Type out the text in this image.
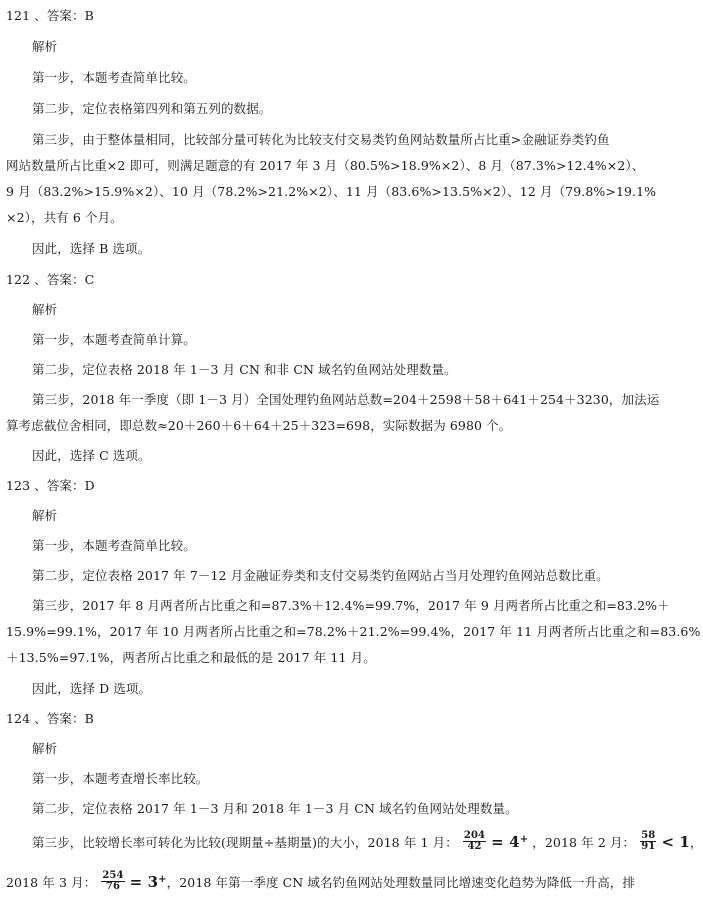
121 、答案：B
解析
第一步，本题考查简单比较。
第二步，定位表格第四列和第五列的数据。
第三步，由于整体量相同，比较部分量可转化为比较支付交易类钓鱼网站数量所占比重>金融证券类钓鱼
网站数量所占比重×2 即可，则满足题意的有 2017 年 3 月（80.5%>18.9%×2）、8 月（87.3%>12.4%×2）、
9 月（83.2%>15.9%×2）、10 月（78.2%>21.2%×2）、11 月（83.6%>13.5%×2）、12 月（79.8%>19.1%
×2），共有 6 个月。
因此，选择 B 选项。
122 、答案：C
解析
第一步，本题考查简单计算。
第二步，定位表格 2018 年 1－3 月 CN 和非 CN 域名钓鱼网站处理数量。
第三步，2018 年一季度（即 1－3 月）全国处理钓鱼网站总数=204＋2598＋58＋641＋254＋3230，加法运
算考虑截位舍相同，即总数≈20＋260＋6＋64＋25＋323=698，实际数据为 6980 个。
因此，选择 C 选项。
123 、答案：D
解析
第一步，本题考查简单比较。
第二步，定位表格 2017 年 7－12 月金融证券类和支付交易类钓鱼网站占当月处理钓鱼网站总数比重。
第三步，2017 年 8 月两者所占比重之和=87.3%＋12.4%=99.7%，2017 年 9 月两者所占比重之和=83.2%＋
15.9%=99.1%，2017 年 10 月两者所占比重之和=78.2%＋21.2%=99.4%，2017 年 11 月两者所占比重之和=83.6%
＋13.5%=97.1%，两者所占比重之和最低的是 2017 年 11 月。
因此，选择 D 选项。
124 、答案：B
解析
第一步，本题考查增长率比较。
第二步，定位表格 2017 年 1－3 月和 2018 年 1－3 月 CN 域名钓鱼网站处理数量。
第三步，比较增长率可转化为比较(现期量÷基期量)的大小，2018 年 1 月： $\frac{204}{42} = 4^+$ ，2018 年 2 月： $\frac{58}{91} < 1$，
2018 年 3 月： $\frac{254}{76} = 3^+$，2018 年第一季度 CN 域名钓鱼网站处理数量同比增速变化趋势为降低一升高，排
